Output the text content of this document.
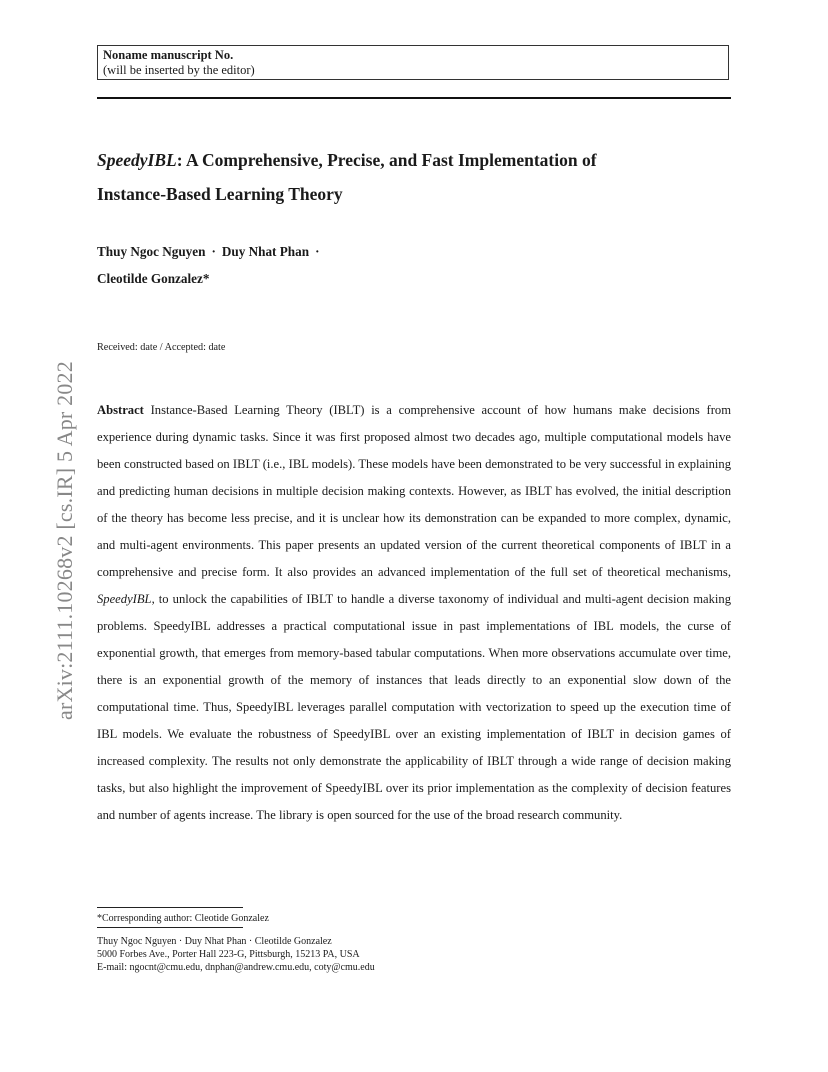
Noname manuscript No.
(will be inserted by the editor)
SpeedyIBL: A Comprehensive, Precise, and Fast Implementation of
Instance-Based Learning Theory
Thuy Ngoc Nguyen · Duy Nhat Phan ·
Cleotilde Gonzalez*
Received: date / Accepted: date
arXiv:2111.10268v2 [cs.IR] 5 Apr 2022 Abstract Instance-Based Learning Theory (IBLT) is a comprehensive account of how humans make decisions from experience during dynamic tasks. Since it was first proposed almost two decades ago, multiple computational models have been constructed based on IBLT (i.e., IBL models). These models have been demonstrated to be very successful in explaining and predicting human decisions in multiple decision making contexts. However, as IBLT has evolved, the initial description of the theory has become less precise, and it is unclear how its demonstration can be expanded to more complex, dynamic, and multi-agent environments. This paper presents an updated version of the current theoretical components of IBLT in a comprehensive and precise form. It also provides an advanced implementation of the full set of theoretical mechanisms, SpeedyIBL, to unlock the capabilities of IBLT to handle a diverse taxonomy of individual and multi-agent decision making problems. SpeedyIBL addresses a practical computational issue in past implementations of IBL models, the curse of exponential growth, that emerges from memory-based tabular computations. When more observations accumulate over time, there is an exponential growth of the memory of instances that leads directly to an exponential slow down of the computational time. Thus, SpeedyIBL leverages parallel computation with vectorization to speed up the execution time of IBL models. We evaluate the robustness of SpeedyIBL over an existing implementation of IBLT in decision games of increased complexity. The results not only demonstrate the applicability of IBLT through a wide range of decision making tasks, but also highlight the improvement of SpeedyIBL over its prior implementation as the complexity of decision features and number of agents increase. The library is open sourced for the use of the broad research community.

*Corresponding author: Cleotide Gonzalez
Thuy Ngoc Nguyen · Duy Nhat Phan · Cleotilde Gonzalez
5000 Forbes Ave., Porter Hall 223-G, Pittsburgh, 15213 PA, USA
E-mail: ngocnt@cmu.edu, dnphan@andrew.cmu.edu, coty@cmu.edu
